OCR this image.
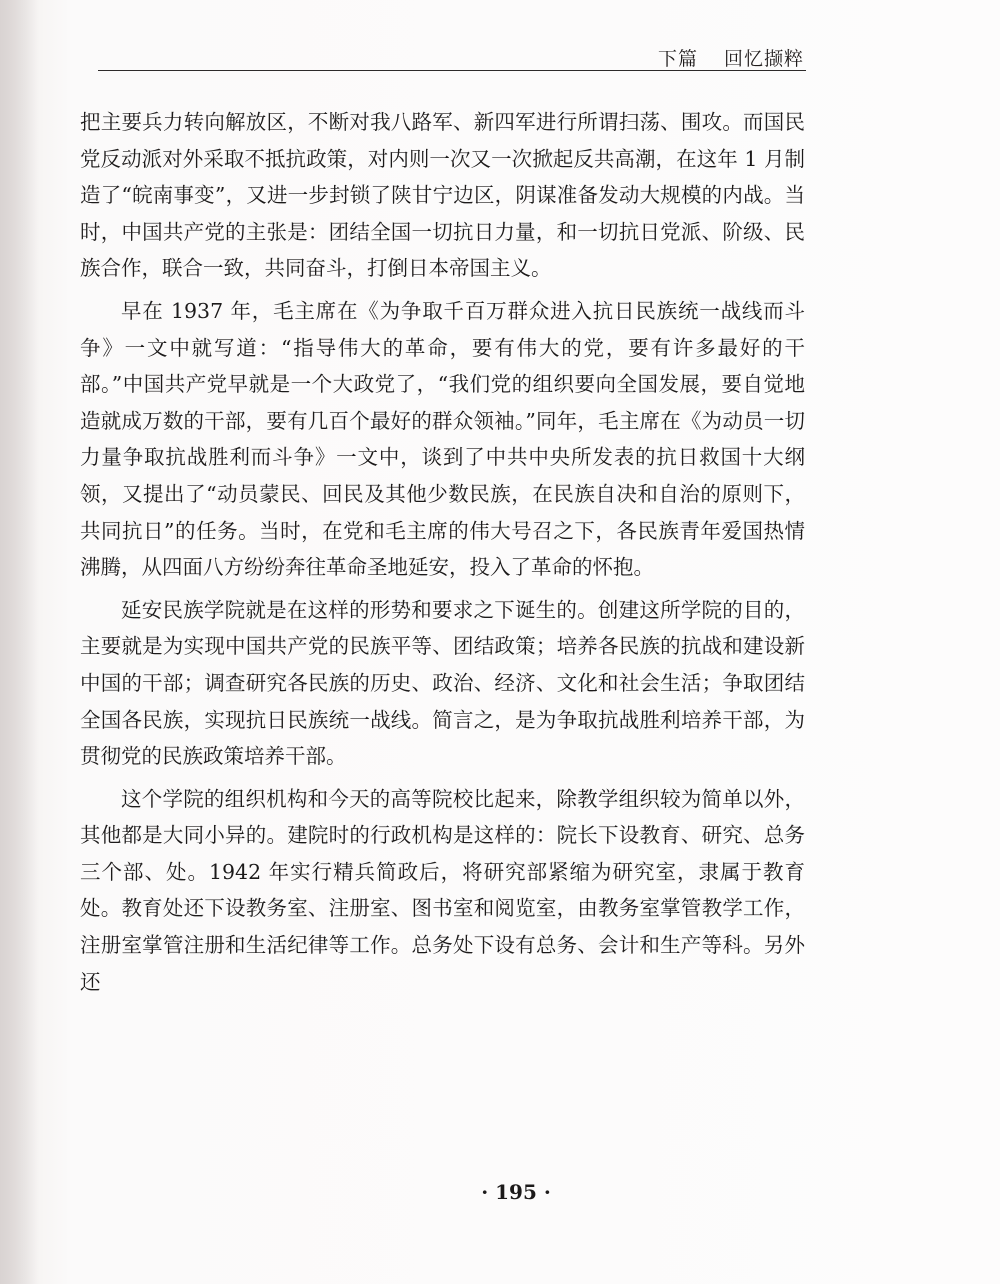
下篇 回忆撷粹

把主要兵力转向解放区，不断对我八路军、新四军进行所谓扫荡、围攻。而国民党反动派对外采取不抵抗政策，对内则一次又一次掀起反共高潮，在这年 1 月制造了“皖南事变”，又进一步封锁了陕甘宁边区，阴谋准备发动大规模的内战。当时，中国共产党的主张是：团结全国一切抗日力量，和一切抗日党派、阶级、民族合作，联合一致，共同奋斗，打倒日本帝国主义。

早在 1937 年，毛主席在《为争取千百万群众进入抗日民族统一战线而斗争》一文中就写道：“指导伟大的革命，要有伟大的党，要有许多最好的干部。”中国共产党早就是一个大政党了，“我们党的组织要向全国发展，要自觉地造就成万数的干部，要有几百个最好的群众领袖。”同年，毛主席在《为动员一切力量争取抗战胜利而斗争》一文中，谈到了中共中央所发表的抗日救国十大纲领，又提出了“动员蒙民、回民及其他少数民族，在民族自决和自治的原则下，共同抗日”的任务。当时，在党和毛主席的伟大号召之下，各民族青年爱国热情沸腾，从四面八方纷纷奔往革命圣地延安，投入了革命的怀抱。

延安民族学院就是在这样的形势和要求之下诞生的。创建这所学院的目的，主要就是为实现中国共产党的民族平等、团结政策；培养各民族的抗战和建设新中国的干部；调查研究各民族的历史、政治、经济、文化和社会生活；争取团结全国各民族，实现抗日民族统一战线。简言之，是为争取抗战胜利培养干部，为贯彻党的民族政策培养干部。

这个学院的组织机构和今天的高等院校比起来，除教学组织较为简单以外，其他都是大同小异的。建院时的行政机构是这样的：院长下设教育、研究、总务三个部、处。1942 年实行精兵简政后，将研究部紧缩为研究室，隶属于教育处。教育处还下设教务室、注册室、图书室和阅览室，由教务室掌管教学工作，注册室掌管注册和生活纪律等工作。总务处下设有总务、会计和生产等科。另外还

· 195 ·
